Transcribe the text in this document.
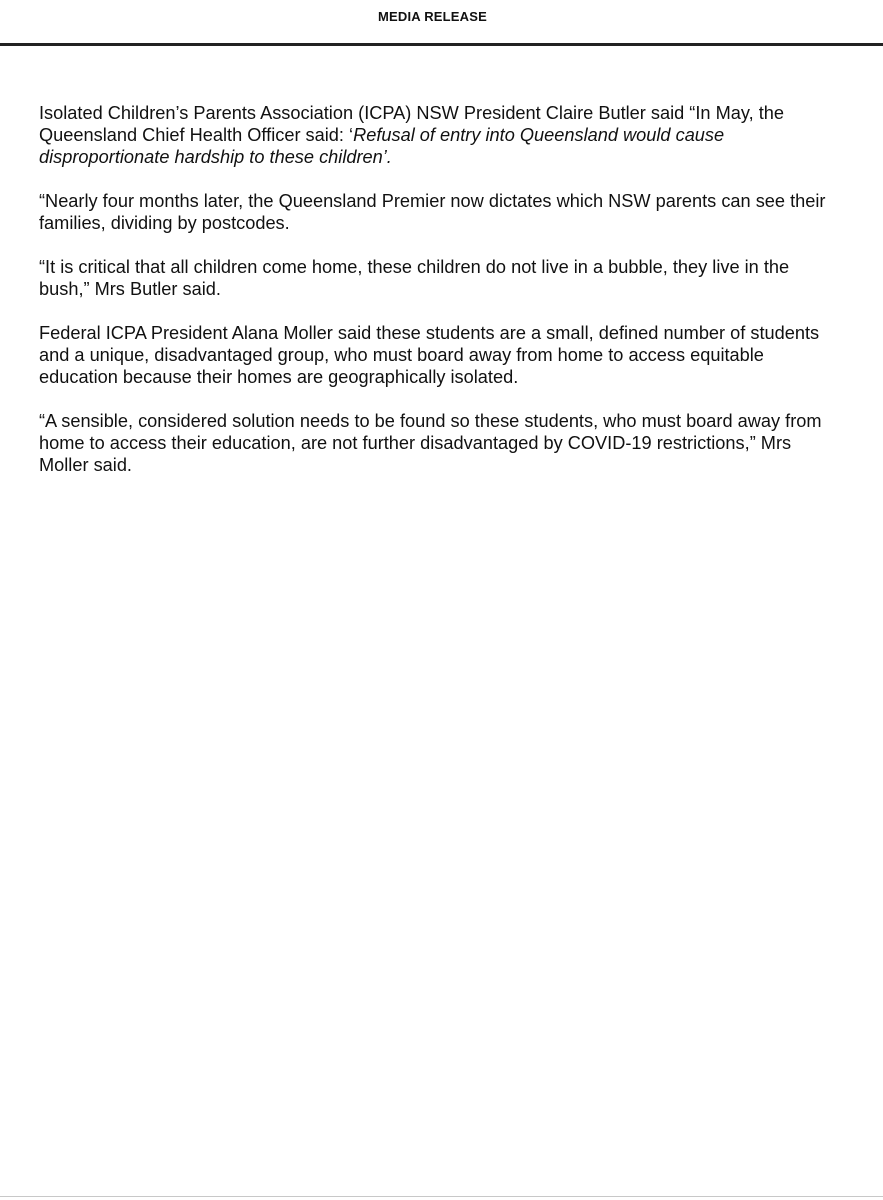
MEDIA RELEASE

Isolated Children’s Parents Association (ICPA) NSW President Claire Butler said “In May, the Queensland Chief Health Officer said: ‘Refusal of entry into Queensland would cause disproportionate hardship to these children’.

“Nearly four months later, the Queensland Premier now dictates which NSW parents can see their families, dividing by postcodes.

“It is critical that all children come home, these children do not live in a bubble, they live in the bush,” Mrs Butler said.

Federal ICPA President Alana Moller said these students are a small, defined number of students and a unique, disadvantaged group, who must board away from home to access equitable education because their homes are geographically isolated.

“A sensible, considered solution needs to be found so these students, who must board away from home to access their education, are not further disadvantaged by COVID-19 restrictions,” Mrs Moller said.
